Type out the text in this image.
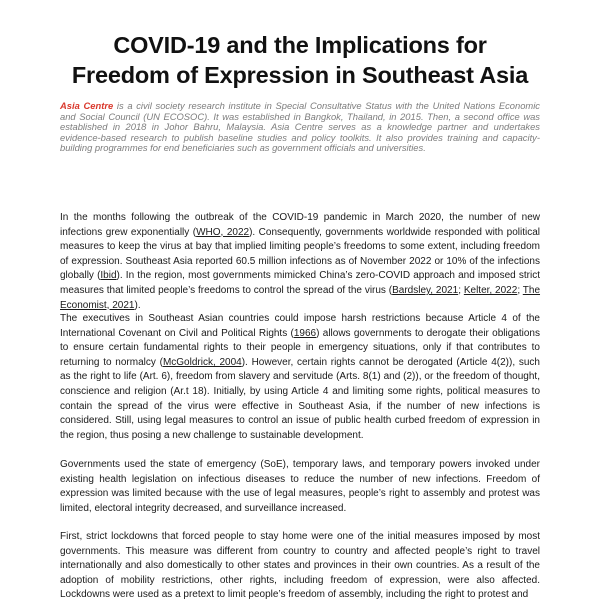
COVID-19 and the Implications for
Freedom of Expression in Southeast Asia

Asia Centre is a civil society research institute in Special Consultative Status with the United Nations Economic and Social Council (UN ECOSOC). It was established in Bangkok, Thailand, in 2015. Then, a second office was established in 2018 in Johor Bahru, Malaysia. Asia Centre serves as a knowledge partner and undertakes evidence-based research to publish baseline studies and policy toolkits. It also provides training and capacity-building programmes for end beneficiaries such as government officials and universities.

In the months following the outbreak of the COVID-19 pandemic in March 2020, the number of new infections grew exponentially (WHO, 2022). Consequently, governments worldwide responded with political measures to keep the virus at bay that implied limiting people’s freedoms to some extent, including freedom of expression. Southeast Asia reported 60.5 million infections as of November 2022 or 10% of the infections globally (Ibid). In the region, most governments mimicked China’s zero-COVID approach and imposed strict measures that limited people’s freedoms to control the spread of the virus (Bardsley, 2021; Kelter, 2022; The Economist, 2021).

The executives in Southeast Asian countries could impose harsh restrictions because Article 4 of the International Covenant on Civil and Political Rights (1966) allows governments to derogate their obligations to ensure certain fundamental rights to their people in emergency situations, only if that contributes to returning to normalcy (McGoldrick, 2004). However, certain rights cannot be derogated (Article 4(2)), such as the right to life (Art. 6), freedom from slavery and servitude (Arts. 8(1) and (2)), or the freedom of thought, conscience and religion (Ar.t 18). Initially, by using Article 4 and limiting some rights, political measures to contain the spread of the virus were effective in Southeast Asia, if the number of new infections is considered. Still, using legal measures to control an issue of public health curbed freedom of expression in the region, thus posing a new challenge to sustainable development.

Governments used the state of emergency (SoE), temporary laws, and temporary powers invoked under existing health legislation on infectious diseases to reduce the number of new infections. Freedom of expression was limited because with the use of legal measures, people’s right to assembly and protest was limited, electoral integrity decreased, and surveillance increased.

First, strict lockdowns that forced people to stay home were one of the initial measures imposed by most governments. This measure was different from country to country and affected people’s right to travel internationally and also domestically to other states and provinces in their own countries. As a result of the adoption of mobility restrictions, other rights, including freedom of expression, were also affected. Lockdowns were used as a pretext to limit people’s freedom of assembly, including the right to protest and
